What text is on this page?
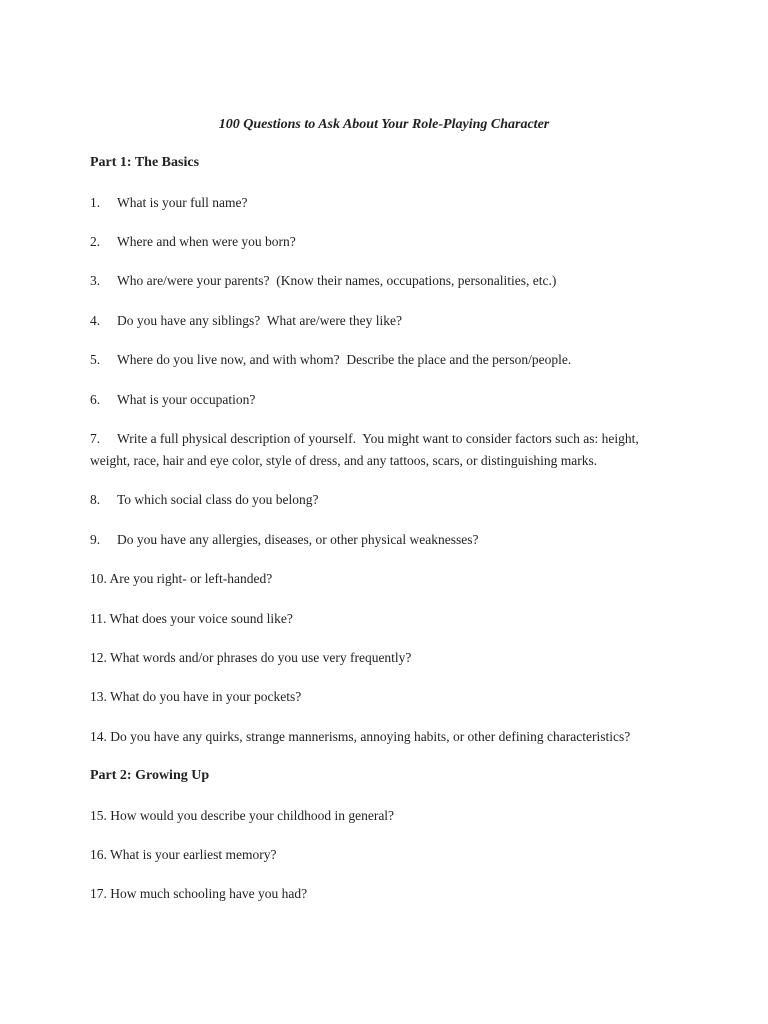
100 Questions to Ask About Your Role-Playing Character

Part 1: The Basics

1. What is your full name?

2. Where and when were you born?

3. Who are/were your parents?  (Know their names, occupations, personalities, etc.)

4. Do you have any siblings?  What are/were they like?

5. Where do you live now, and with whom?  Describe the place and the person/people.

6. What is your occupation?

7. Write a full physical description of yourself.  You might want to consider factors such as: height,
weight, race, hair and eye color, style of dress, and any tattoos, scars, or distinguishing marks.

8. To which social class do you belong?

9. Do you have any allergies, diseases, or other physical weaknesses?

10. Are you right- or left-handed?

11. What does your voice sound like?

12. What words and/or phrases do you use very frequently?

13. What do you have in your pockets?

14. Do you have any quirks, strange mannerisms, annoying habits, or other defining characteristics?

Part 2: Growing Up

15. How would you describe your childhood in general?

16. What is your earliest memory?

17. How much schooling have you had?
